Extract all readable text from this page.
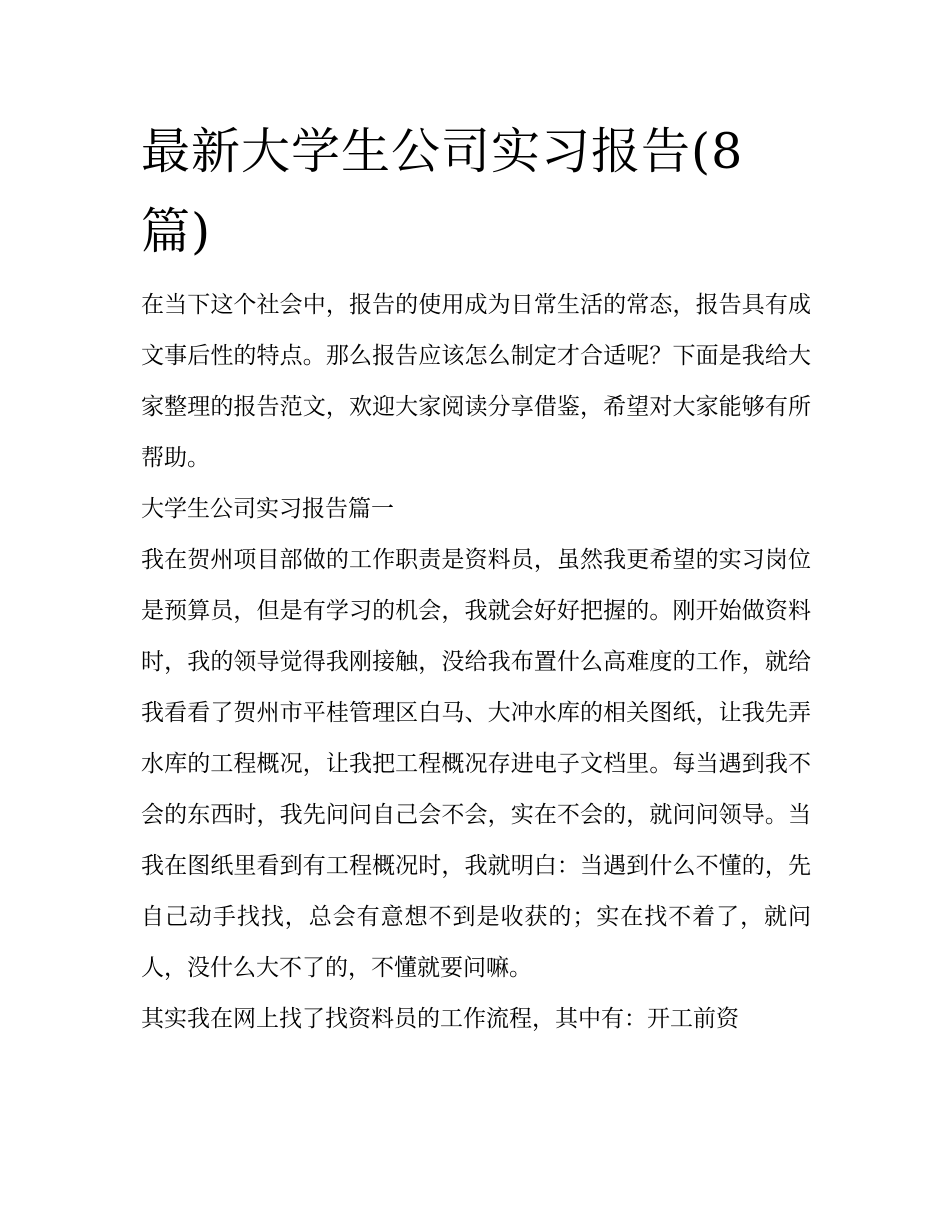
最新大学生公司实习报告(8篇)

在当下这个社会中，报告的使用成为日常生活的常态，报告具有成文事后性的特点。那么报告应该怎么制定才合适呢？下面是我给大家整理的报告范文，欢迎大家阅读分享借鉴，希望对大家能够有所帮助。

大学生公司实习报告篇一

我在贺州项目部做的工作职责是资料员，虽然我更希望的实习岗位是预算员，但是有学习的机会，我就会好好把握的。刚开始做资料时，我的领导觉得我刚接触，没给我布置什么高难度的工作，就给我看看了贺州市平桂管理区白马、大冲水库的相关图纸，让我先弄水库的工程概况，让我把工程概况存进电子文档里。每当遇到我不会的东西时，我先问问自己会不会，实在不会的，就问问领导。当我在图纸里看到有工程概况时，我就明白：当遇到什么不懂的，先自己动手找找，总会有意想不到是收获的；实在找不着了，就问人，没什么大不了的，不懂就要问嘛。

其实我在网上找了找资料员的工作流程，其中有：开工前资
